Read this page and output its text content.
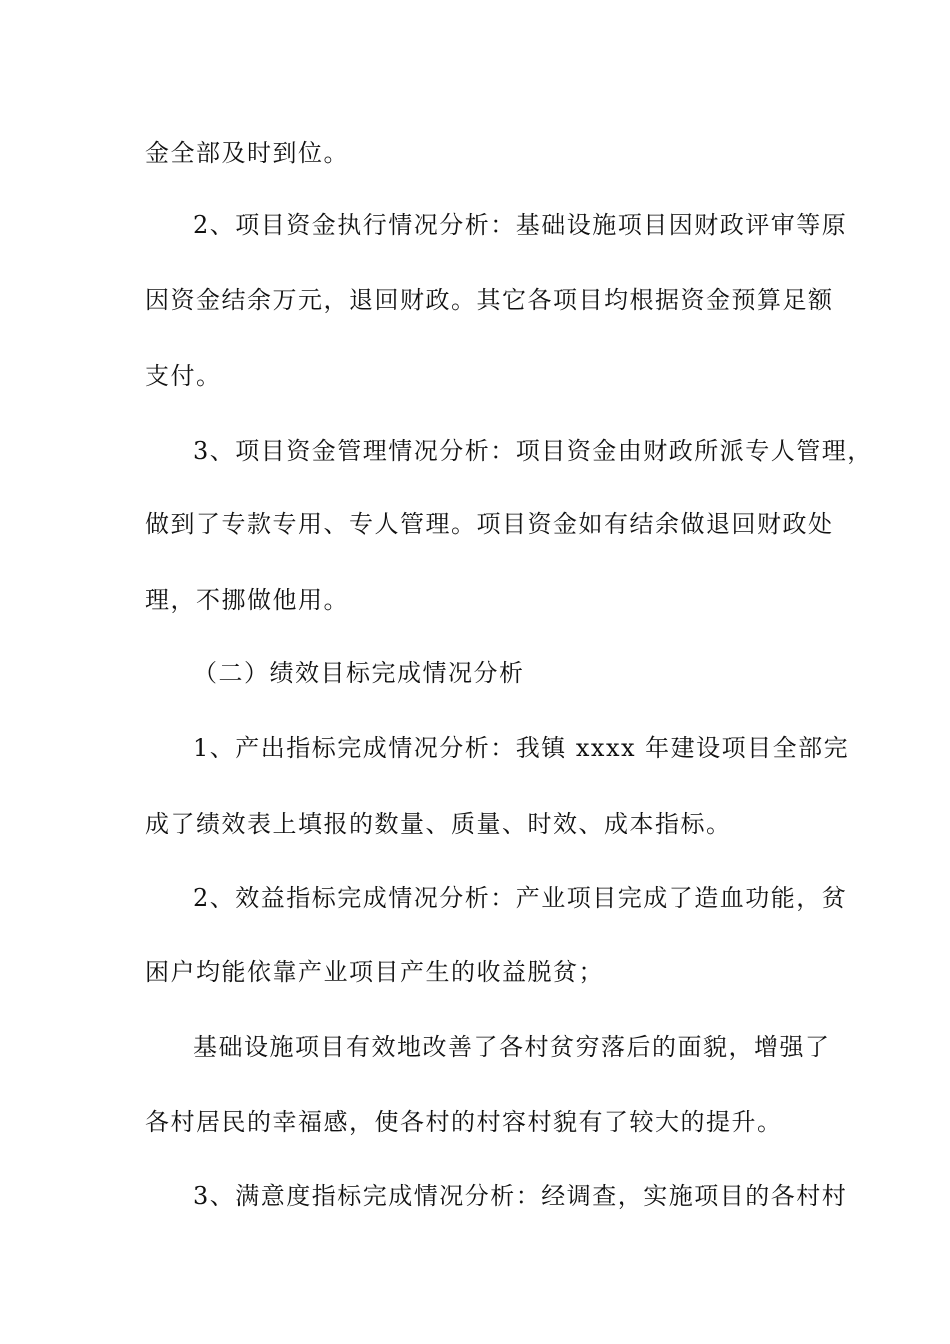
金全部及时到位。
2、项目资金执行情况分析：基础设施项目因财政评审等原
因资金结余万元，退回财政。其它各项目均根据资金预算足额
支付。
3、项目资金管理情况分析：项目资金由财政所派专人管理，
做到了专款专用、专人管理。项目资金如有结余做退回财政处
理，不挪做他用。
（二）绩效目标完成情况分析
1、产出指标完成情况分析：我镇 xxxx 年建设项目全部完
成了绩效表上填报的数量、质量、时效、成本指标。
2、效益指标完成情况分析：产业项目完成了造血功能，贫
困户均能依靠产业项目产生的收益脱贫；
基础设施项目有效地改善了各村贫穷落后的面貌，增强了
各村居民的幸福感，使各村的村容村貌有了较大的提升。
3、满意度指标完成情况分析：经调查，实施项目的各村村
